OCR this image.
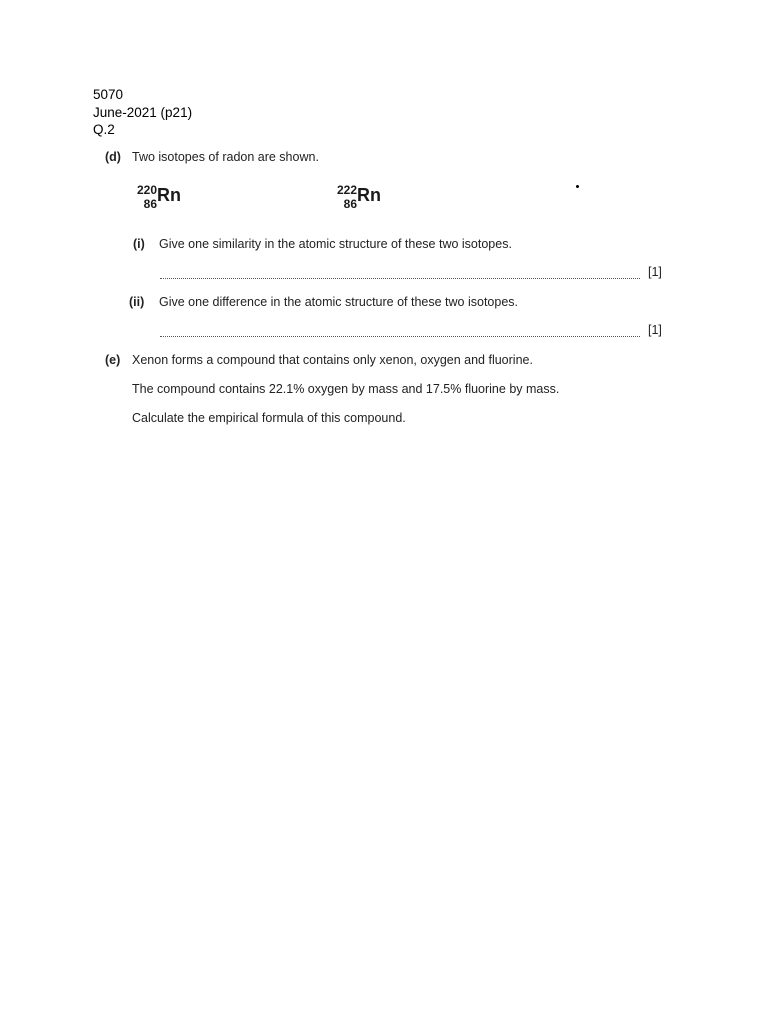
5070
June-2021 (p21)
Q.2
(d) Two isotopes of radon are shown.
220
86 Rn	222
86 Rn
(i) Give one similarity in the atomic structure of these two isotopes.
[1]
(ii) Give one difference in the atomic structure of these two isotopes.
[1]
(e) Xenon forms a compound that contains only xenon, oxygen and fluorine.
The compound contains 22.1% oxygen by mass and 17.5% fluorine by mass.
Calculate the empirical formula of this compound.
